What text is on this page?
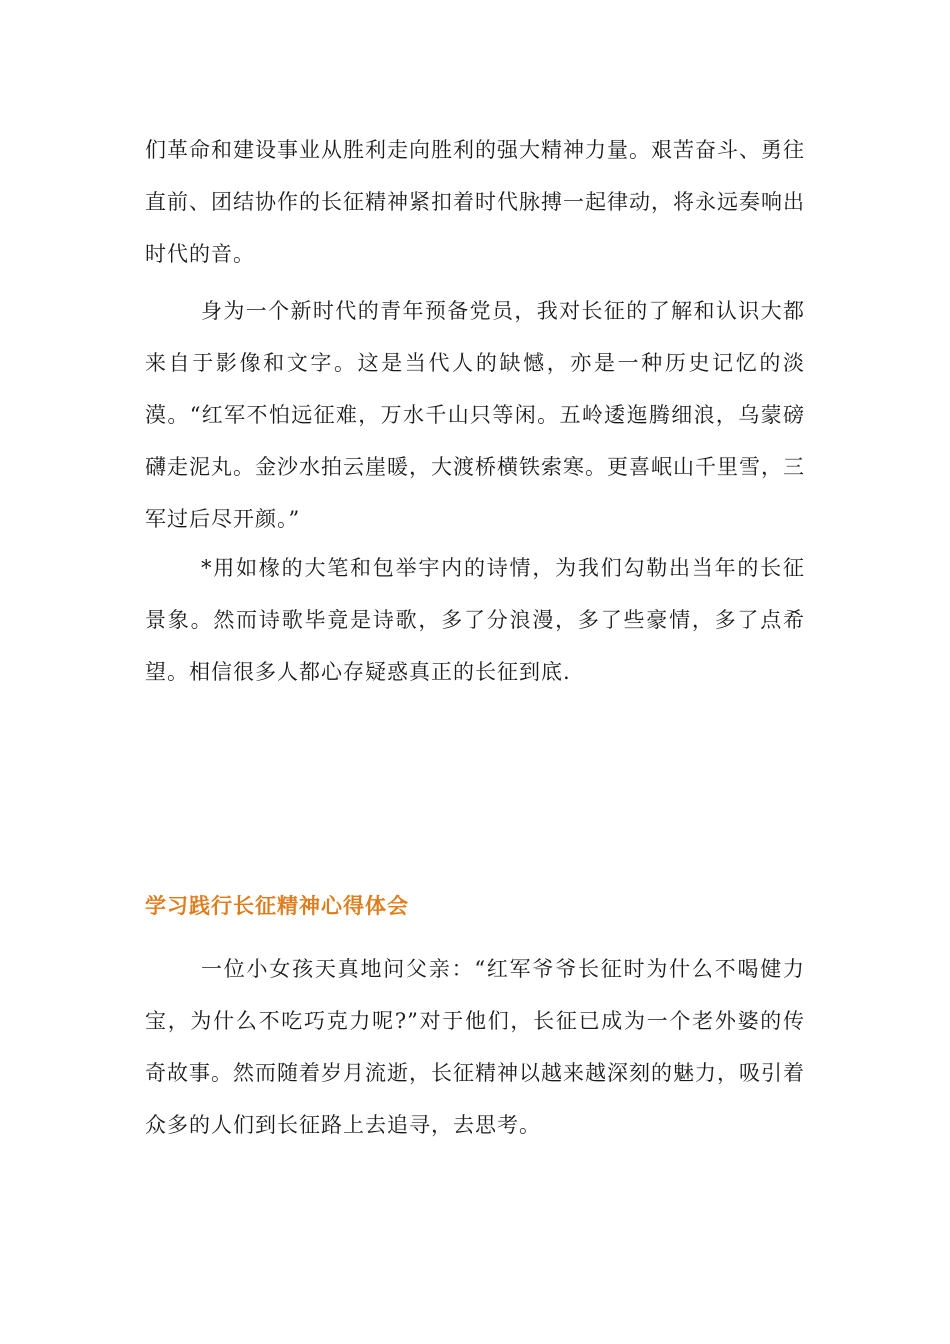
们革命和建设事业从胜利走向胜利的强大精神力量。艰苦奋斗、勇往直前、团结协作的长征精神紧扣着时代脉搏一起律动，将永远奏响出时代的音。

身为一个新时代的青年预备党员，我对长征的了解和认识大都来自于影像和文字。这是当代人的缺憾，亦是一种历史记忆的淡漠。“红军不怕远征难，万水千山只等闲。五岭逶迤腾细浪，乌蒙磅礴走泥丸。金沙水拍云崖暖，大渡桥横铁索寒。更喜岷山千里雪，三军过后尽开颜。”

*用如椽的大笔和包举宇内的诗情，为我们勾勒出当年的长征景象。然而诗歌毕竟是诗歌，多了分浪漫，多了些豪情，多了点希望。相信很多人都心存疑惑真正的长征到底.

学习践行长征精神心得体会

一位小女孩天真地问父亲：“红军爷爷长征时为什么不喝健力宝，为什么不吃巧克力呢?”对于他们，长征已成为一个老外婆的传奇故事。然而随着岁月流逝，长征精神以越来越深刻的魅力，吸引着众多的人们到长征路上去追寻，去思考。
